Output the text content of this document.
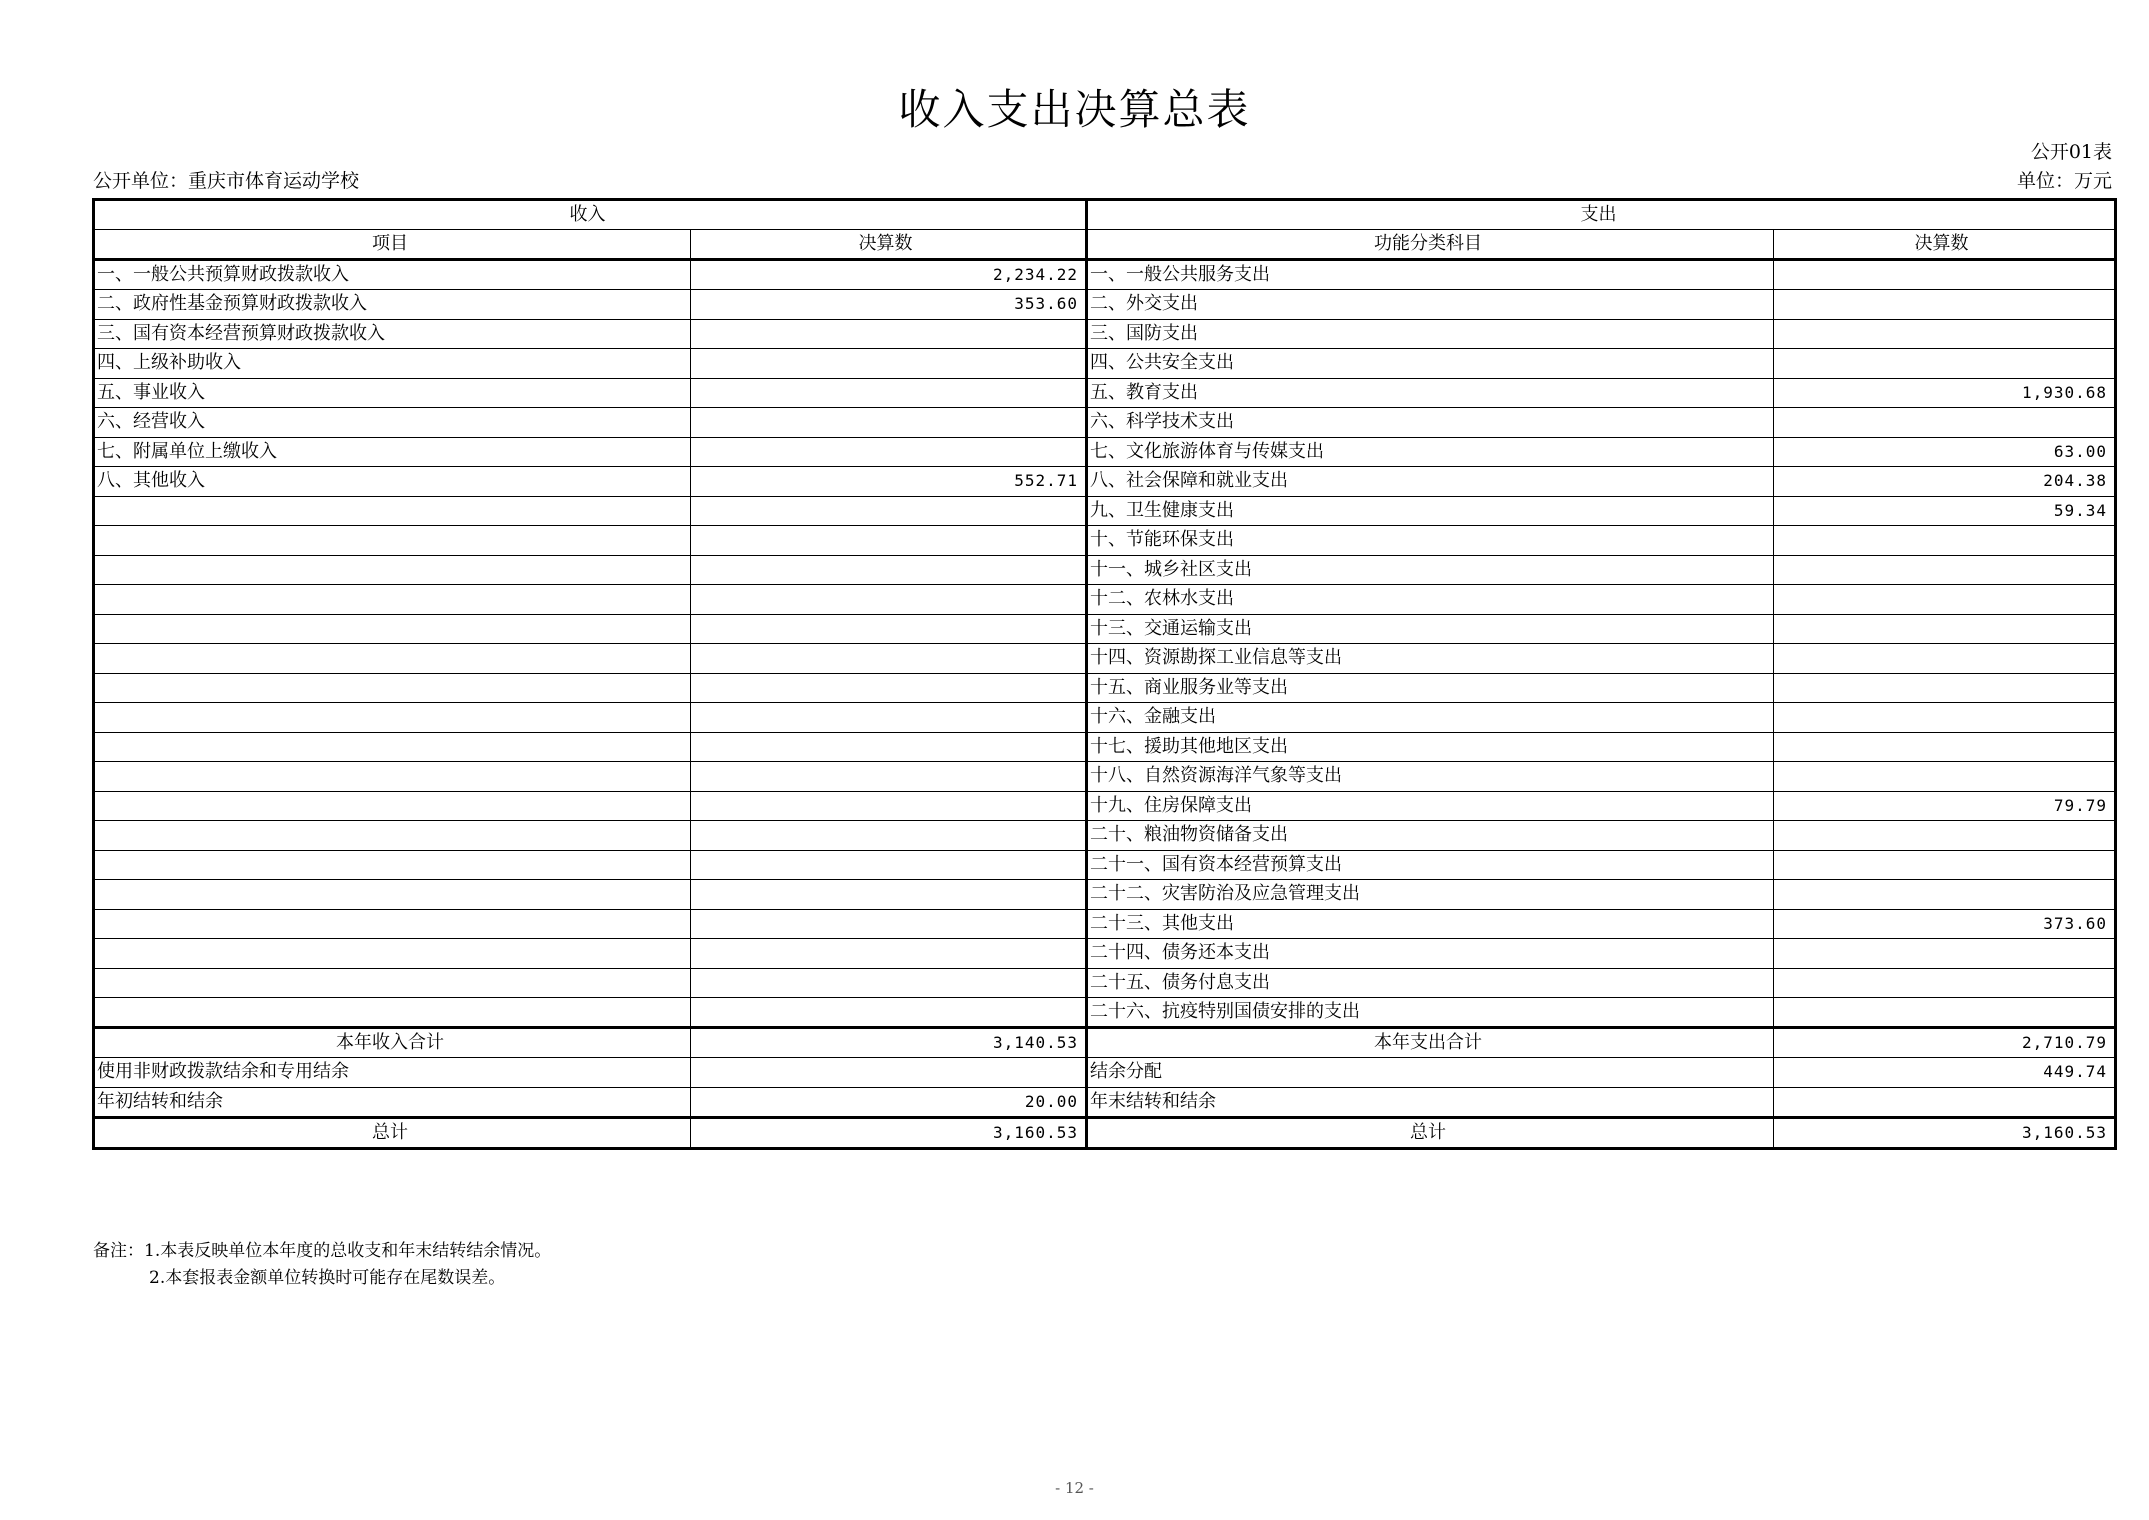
收入支出决算总表
公开01表
单位：万元
公开单位：重庆市体育运动学校
收入		支出	
项目	决算数	功能分类科目	决算数
一、一般公共预算财政拨款收入	2,234.22	一、一般公共服务支出	
二、政府性基金预算财政拨款收入	353.60	二、外交支出	
三、国有资本经营预算财政拨款收入		三、国防支出	
四、上级补助收入		四、公共安全支出	
五、事业收入		五、教育支出	1,930.68
六、经营收入		六、科学技术支出	
七、附属单位上缴收入		七、文化旅游体育与传媒支出	63.00
八、其他收入	552.71	八、社会保障和就业支出	204.38
		九、卫生健康支出	59.34
		十、节能环保支出	
		十一、城乡社区支出	
		十二、农林水支出	
		十三、交通运输支出	
		十四、资源勘探工业信息等支出	
		十五、商业服务业等支出	
		十六、金融支出	
		十七、援助其他地区支出	
		十八、自然资源海洋气象等支出	
		十九、住房保障支出	79.79
		二十、粮油物资储备支出	
		二十一、国有资本经营预算支出	
		二十二、灾害防治及应急管理支出	
		二十三、其他支出	373.60
		二十四、债务还本支出	
		二十五、债务付息支出	
		二十六、抗疫特别国债安排的支出	
本年收入合计	3,140.53	本年支出合计	2,710.79
使用非财政拨款结余和专用结余		结余分配	449.74
年初结转和结余	20.00	年末结转和结余	
总计	3,160.53	总计	3,160.53
备注：1.本表反映单位本年度的总收支和年末结转结余情况。
2.本套报表金额单位转换时可能存在尾数误差。
- 12 -
